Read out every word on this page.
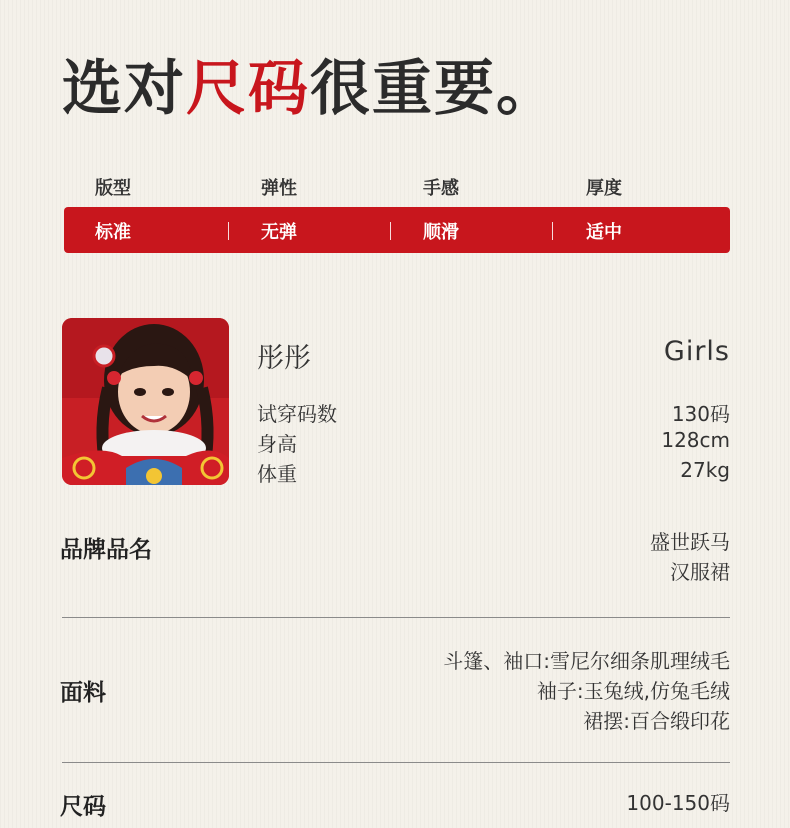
选对尺码很重要。
版型	弹性	手感	厚度
标准	无弹	顺滑	适中
彤彤	Girls
试穿码数	130码
身高	128cm
体重	27kg
品牌品名	盛世跃马
汉服裙
面料
斗篷、袖口:雪尼尔细条肌理绒毛
袖子:玉兔绒,仿兔毛绒
裙摆:百合缎印花
尺码	100-150码
